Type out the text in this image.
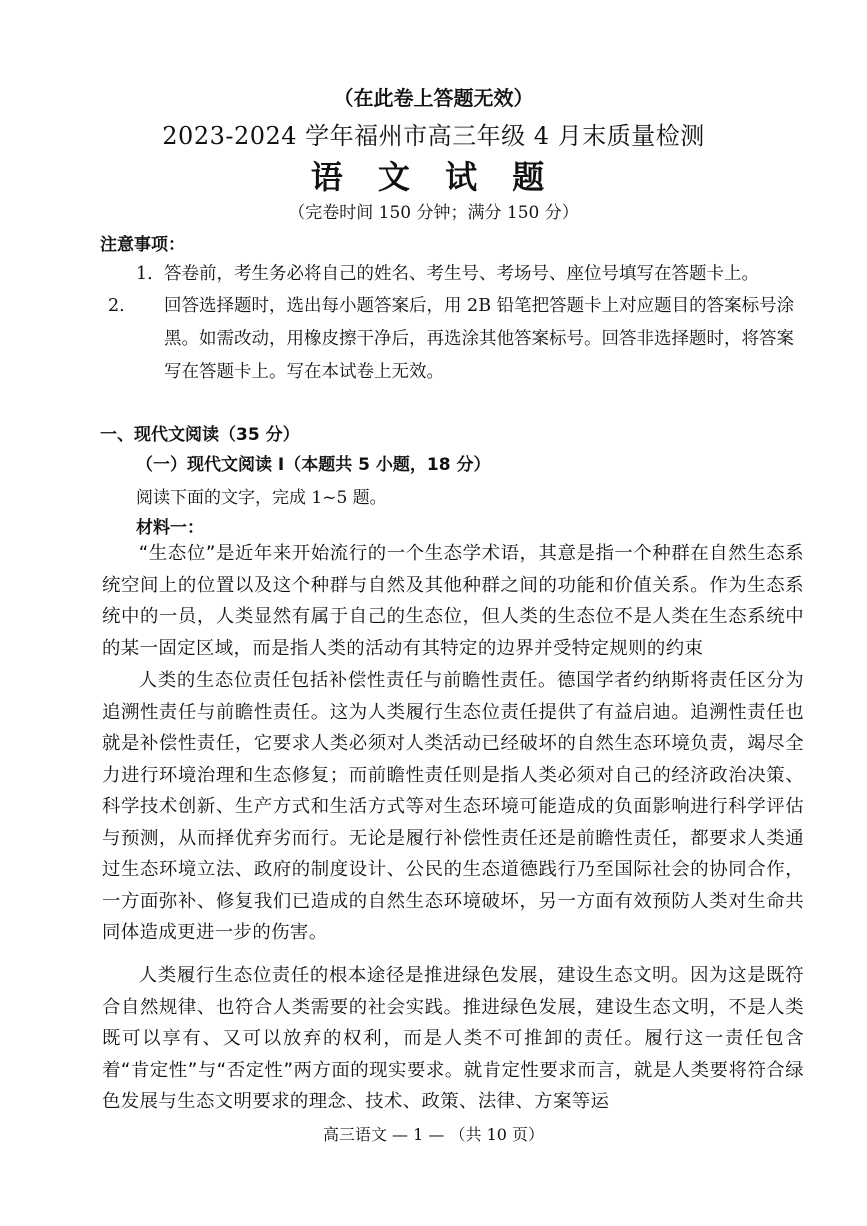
（在此卷上答题无效）
2023-2024 学年福州市高三年级 4 月末质量检测
语 文 试 题
（完卷时间 150 分钟；满分 150 分）
注意事项：
1. 答卷前，考生务必将自己的姓名、考生号、考场号、座位号填写在答题卡上。
2. 回答选择题时，选出每小题答案后，用 2B 铅笔把答题卡上对应题目的答案标号涂黑。如需改动，用橡皮擦干净后，再选涂其他答案标号。回答非选择题时，将答案写在答题卡上。写在本试卷上无效。
一、现代文阅读（35 分）
（一）现代文阅读 I（本题共 5 小题，18 分）
阅读下面的文字，完成 1~5 题。
材料一：
“生态位”是近年来开始流行的一个生态学术语，其意是指一个种群在自然生态系统空间上的位置以及这个种群与自然及其他种群之间的功能和价值关系。作为生态系统中的一员，人类显然有属于自己的生态位，但人类的生态位不是人类在生态系统中的某一固定区域，而是指人类的活动有其特定的边界并受特定规则的约束
人类的生态位责任包括补偿性责任与前瞻性责任。德国学者约纳斯将责任区分为追溯性责任与前瞻性责任。这为人类履行生态位责任提供了有益启迪。追溯性责任也就是补偿性责任，它要求人类必须对人类活动已经破坏的自然生态环境负责，竭尽全力进行环境治理和生态修复；而前瞻性责任则是指人类必须对自己的经济政治决策、科学技术创新、生产方式和生活方式等对生态环境可能造成的负面影响进行科学评估与预测，从而择优弃劣而行。无论是履行补偿性责任还是前瞻性责任，都要求人类通过生态环境立法、政府的制度设计、公民的生态道德践行乃至国际社会的协同合作，一方面弥补、修复我们已造成的自然生态环境破坏，另一方面有效预防人类对生命共同体造成更进一步的伤害。
人类履行生态位责任的根本途径是推进绿色发展，建设生态文明。因为这是既符合自然规律、也符合人类需要的社会实践。推进绿色发展，建设生态文明，不是人类既可以享有、又可以放弃的权利，而是人类不可推卸的责任。履行这一责任包含着“肯定性”与“否定性”两方面的现实要求。就肯定性要求而言，就是人类要将符合绿色发展与生态文明要求的理念、技术、政策、法律、方案等运
高三语文 — 1 — （共 10 页）
